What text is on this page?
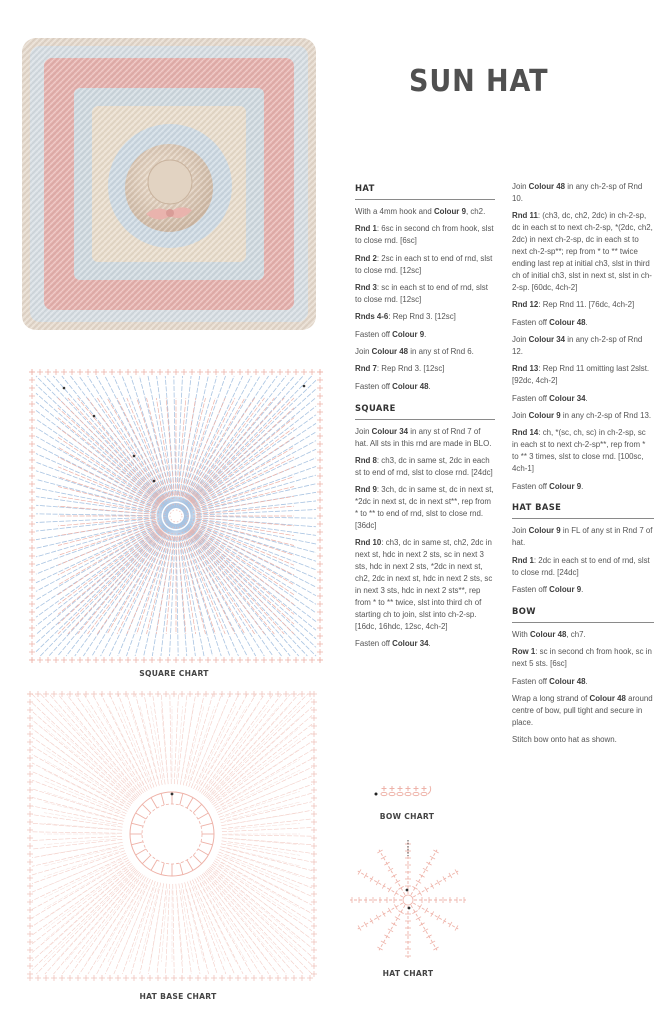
SUN HAT
SQUARE CHART
HAT BASE CHART
BOW CHART
HAT CHART
HAT

With a 4mm hook and Colour 9, ch2.

Rnd 1: 6sc in second ch from hook, slst to close rnd. [6sc]

Rnd 2: 2sc in each st to end of rnd, slst to close rnd. [12sc]

Rnd 3: sc in each st to end of rnd, slst to close rnd. [12sc]

Rnds 4-6: Rep Rnd 3. [12sc]

Fasten off Colour 9.

Join Colour 48 in any st of Rnd 6.

Rnd 7: Rep Rnd 3. [12sc]

Fasten off Colour 48.

SQUARE

Join Colour 34 in any st of Rnd 7 of hat. All sts in this rnd are made in BLO.

Rnd 8: ch3, dc in same st, 2dc in each st to end of rnd, slst to close rnd. [24dc]

Rnd 9: 3ch, dc in same st, dc in next st, *2dc in next st, dc in next st**, rep from * to ** to end of rnd, slst to close rnd. [36dc]

Rnd 10: ch3, dc in same st, ch2, 2dc in next st, hdc in next 2 sts, sc in next 3 sts, hdc in next 2 sts, *2dc in next st, ch2, 2dc in next st, hdc in next 2 sts, sc in next 3 sts, hdc in next 2 sts**, rep from * to ** twice, slst into third ch of starting ch to join, slst into ch-2-sp. [16dc, 16hdc, 12sc, 4ch-2]

Fasten off Colour 34.

Join Colour 48 in any ch-2-sp of Rnd 10.

Rnd 11: (ch3, dc, ch2, 2dc) in ch-2-sp, dc in each st to next ch-2-sp, *(2dc, ch2, 2dc) in next ch-2-sp, dc in each st to next ch-2-sp**; rep from * to ** twice ending last rep at initial ch3, slst in third ch of initial ch3, slst in next st, slst in ch-2-sp. [60dc, 4ch-2]

Rnd 12: Rep Rnd 11. [76dc, 4ch-2]

Fasten off Colour 48.

Join Colour 34 in any ch-2-sp of Rnd 12.

Rnd 13: Rep Rnd 11 omitting last 2slst. [92dc, 4ch-2]

Fasten off Colour 34.

Join Colour 9 in any ch-2-sp of Rnd 13.

Rnd 14: ch, *(sc, ch, sc) in ch-2-sp, sc in each st to next ch-2-sp**, rep from * to ** 3 times, slst to close rnd. [100sc, 4ch-1]

Fasten off Colour 9.

HAT BASE

Join Colour 9 in FL of any st in Rnd 7 of hat.

Rnd 1: 2dc in each st to end of rnd, slst to close rnd. [24dc]

Fasten off Colour 9.

BOW

With Colour 48, ch7.

Row 1: sc in second ch from hook, sc in next 5 sts. [6sc]

Fasten off Colour 48.

Wrap a long strand of Colour 48 around centre of bow, pull tight and secure in place.

Stitch bow onto hat as shown.
